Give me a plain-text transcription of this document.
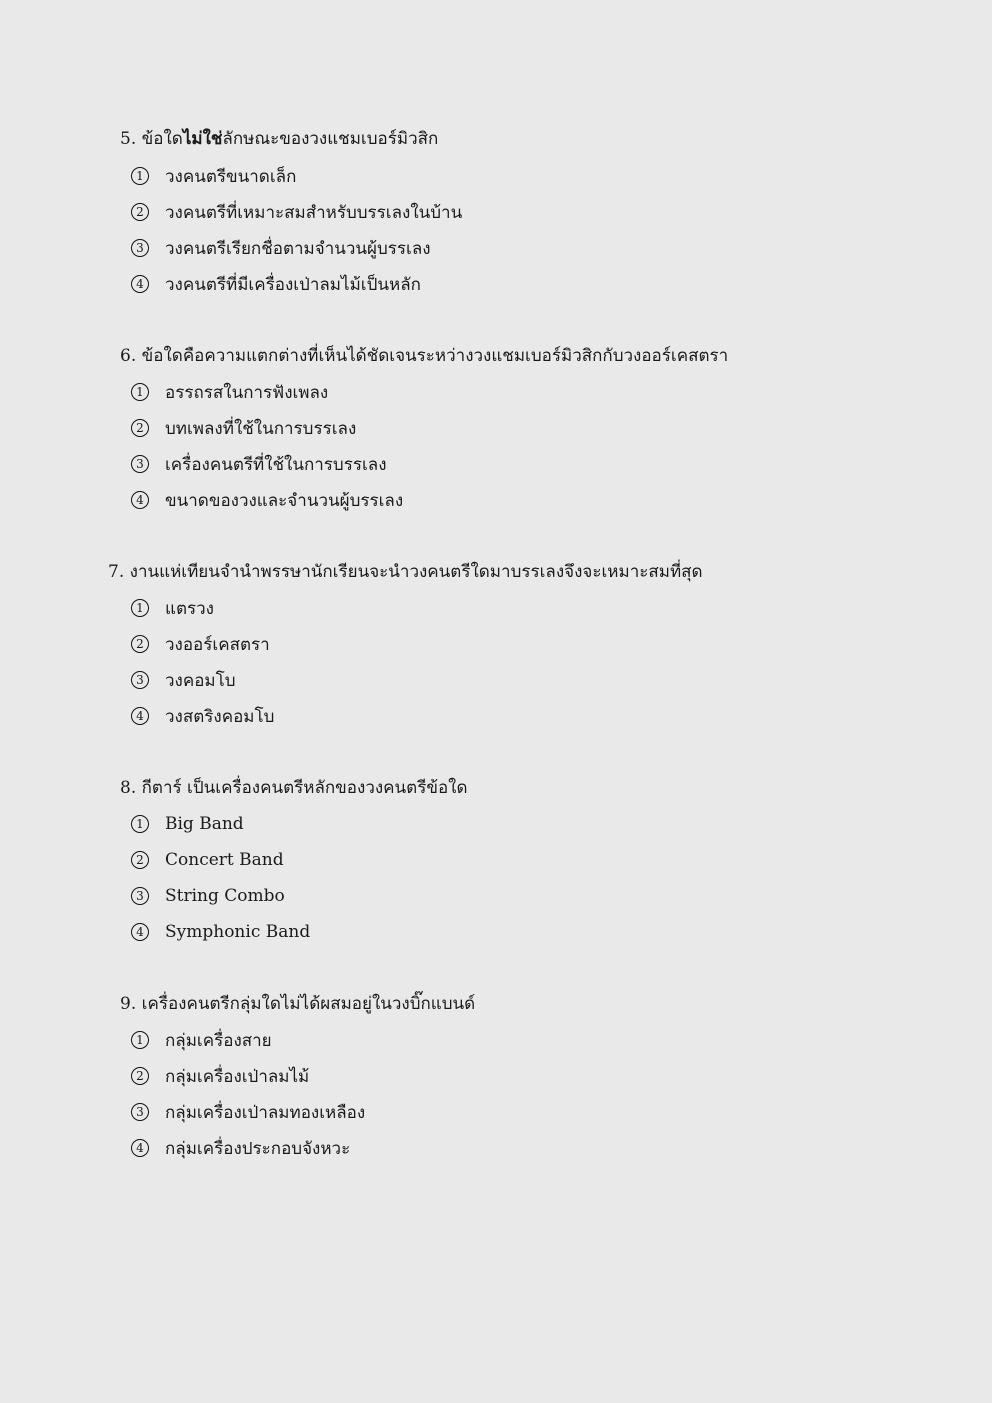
5. ข้อใดไม่ใช่ลักษณะของวงแชมเบอร์มิวสิก
1	วงคนตรีขนาดเล็ก
2	วงคนตรีที่เหมาะสมสำหรับบรรเลงในบ้าน
3	วงคนตรีเรียกชื่อตามจำนวนผู้บรรเลง
4	วงคนตรีที่มีเครื่องเป่าลมไม้เป็นหลัก
6. ข้อใดคือความแตกต่างที่เห็นได้ชัดเจนระหว่างวงแชมเบอร์มิวสิกกับวงออร์เคสตรา
1	อรรถรสในการฟังเพลง
2	บทเพลงที่ใช้ในการบรรเลง
3	เครื่องคนตรีที่ใช้ในการบรรเลง
4	ขนาดของวงและจำนวนผู้บรรเลง
7. งานแห่เทียนจำนำพรรษานักเรียนจะนำวงคนตรีใดมาบรรเลงจึงจะเหมาะสมที่สุด
1	แตรวง
2	วงออร์เคสตรา
3	วงคอมโบ
4	วงสตริงคอมโบ
8. กีตาร์ เป็นเครื่องคนตรีหลักของวงคนตรีข้อใด
1	Big Band
2	Concert Band
3	String Combo
4	Symphonic Band
9. เครื่องคนตรีกลุ่มใดไม่ได้ผสมอยู่ในวงบิ๊กแบนด์
1	กลุ่มเครื่องสาย
2	กลุ่มเครื่องเป่าลมไม้
3	กลุ่มเครื่องเป่าลมทองเหลือง
4	กลุ่มเครื่องประกอบจังหวะ
